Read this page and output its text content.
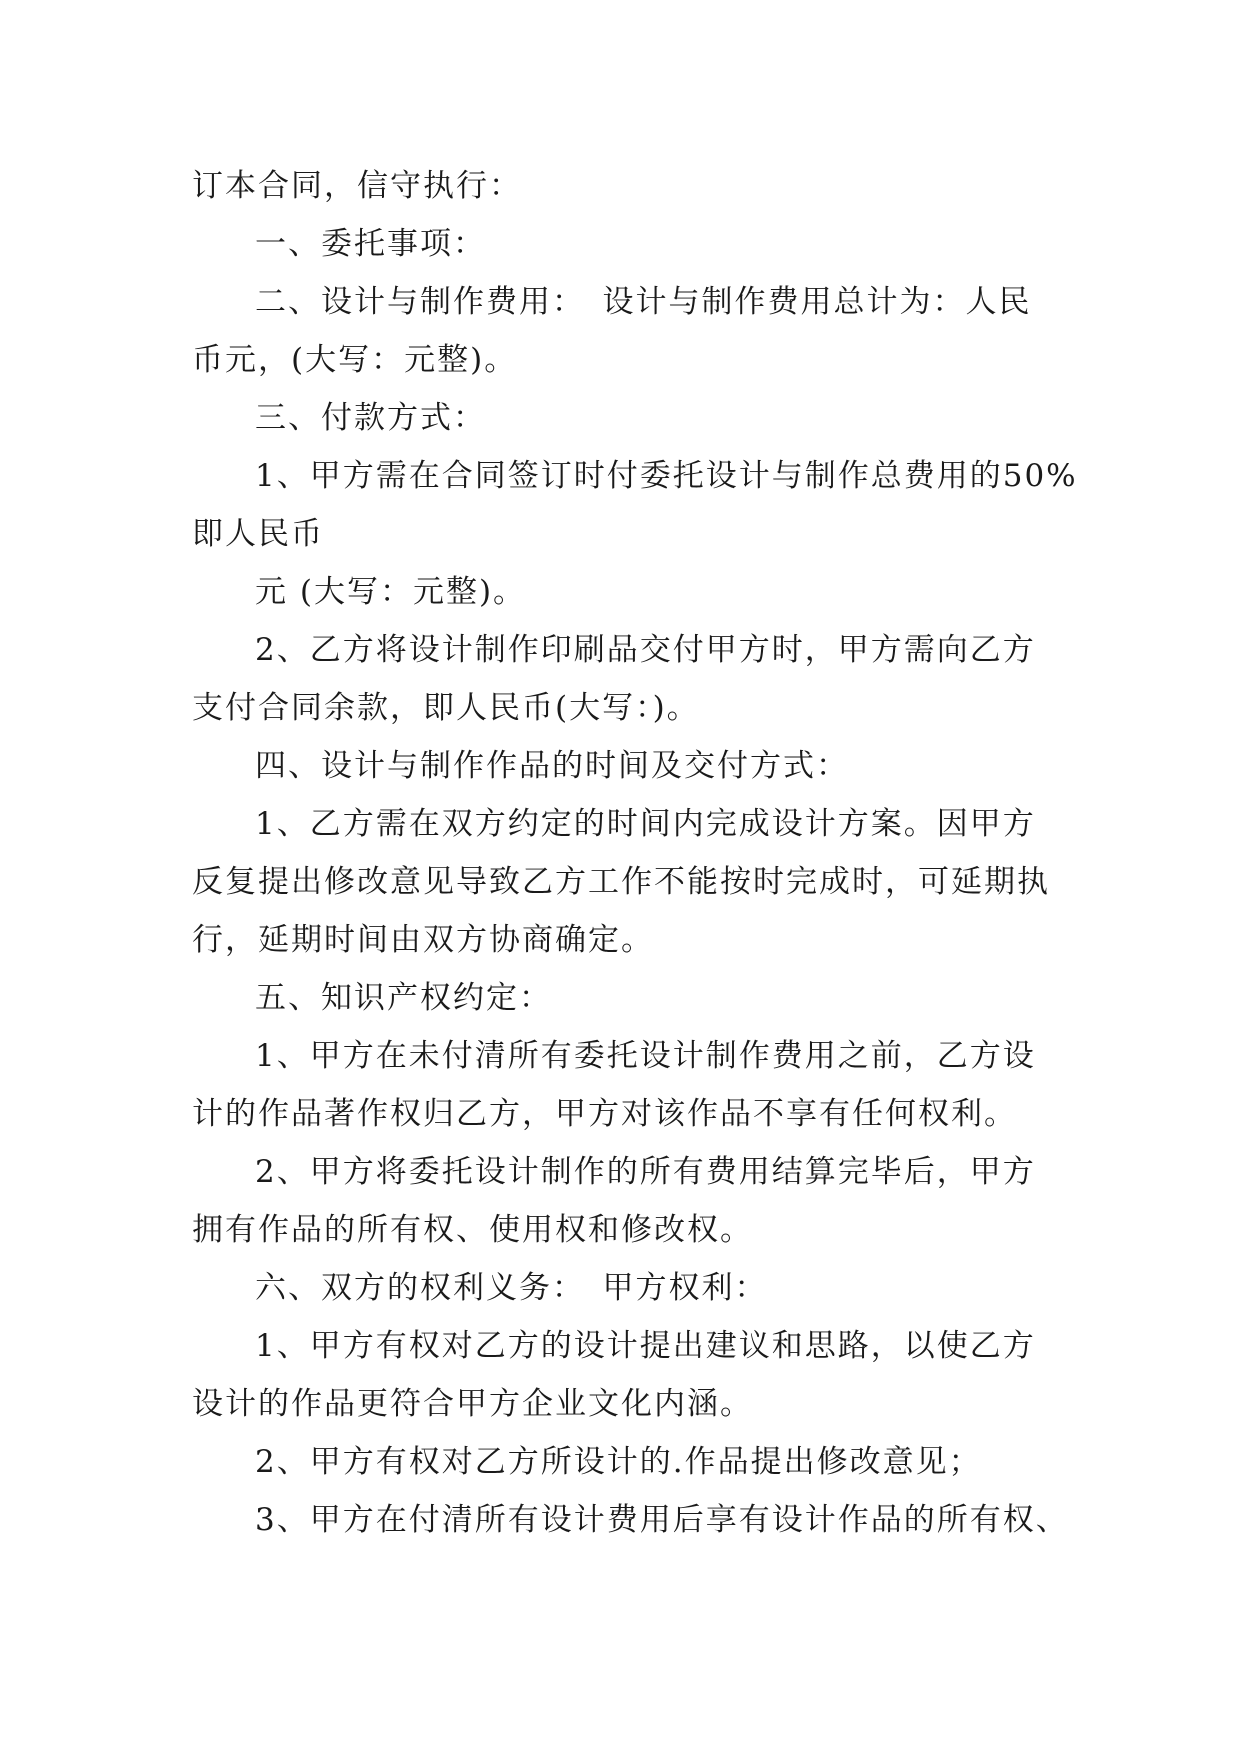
订本合同，信守执行：
一、委托事项：
二、设计与制作费用：　设计与制作费用总计为：人民
币元，(大写：元整)。
三、付款方式：
1、甲方需在合同签订时付委托设计与制作总费用的50%
即人民币
元 (大写：元整)。
2、乙方将设计制作印刷品交付甲方时，甲方需向乙方
支付合同余款，即人民币(大写：)。
四、设计与制作作品的时间及交付方式：
1、乙方需在双方约定的时间内完成设计方案。因甲方
反复提出修改意见导致乙方工作不能按时完成时，可延期执
行，延期时间由双方协商确定。
五、知识产权约定：
1、甲方在未付清所有委托设计制作费用之前，乙方设
计的作品著作权归乙方，甲方对该作品不享有任何权利。
2、甲方将委托设计制作的所有费用结算完毕后，甲方
拥有作品的所有权、使用权和修改权。
六、双方的权利义务：　甲方权利：
1、甲方有权对乙方的设计提出建议和思路，以使乙方
设计的作品更符合甲方企业文化内涵。
2、甲方有权对乙方所设计的.作品提出修改意见；
3、甲方在付清所有设计费用后享有设计作品的所有权、
